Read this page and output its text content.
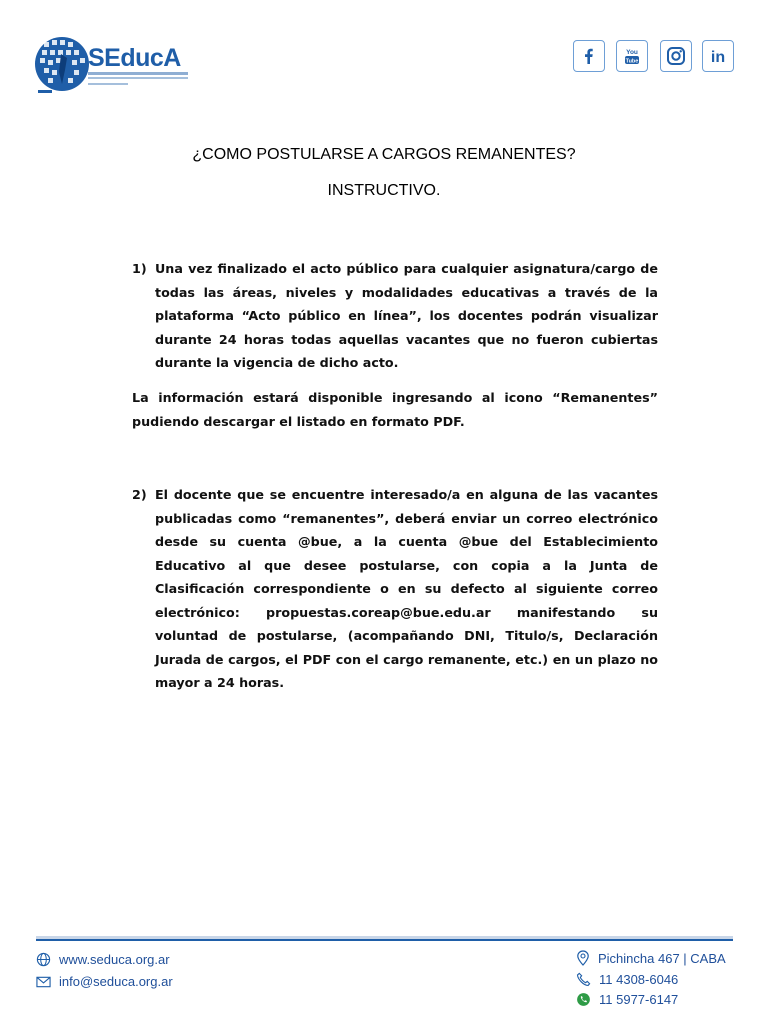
SEducA	You
Tube	in
¿COMO POSTULARSE A CARGOS REMANENTES?
INSTRUCTIVO.
1) Una vez finalizado el acto público para cualquier asignatura/cargo de todas las áreas, niveles y modalidades educativas a través de la plataforma “Acto público en línea”, los docentes podrán visualizar durante 24 horas todas aquellas vacantes que no fueron cubiertas durante la vigencia de dicho acto.
La información estará disponible ingresando al icono “Remanentes” pudiendo descargar el listado en formato PDF.
2) El docente que se encuentre interesado/a en alguna de las vacantes publicadas como “remanentes”, deberá enviar un correo electrónico desde su cuenta @bue, a la cuenta @bue del Establecimiento Educativo al que desee postularse, con copia a la Junta de Clasificación correspondiente o en su defecto al siguiente correo electrónico: propuestas.coreap@bue.edu.ar manifestando su voluntad de postularse, (acompañando DNI, Titulo/s, Declaración Jurada de cargos, el PDF con el cargo remanente, etc.) en un plazo no mayor a 24 horas.
www.seduca.org.ar
info@seduca.org.ar
Pichincha 467 | CABA
11 4308-6046
11 5977-6147
